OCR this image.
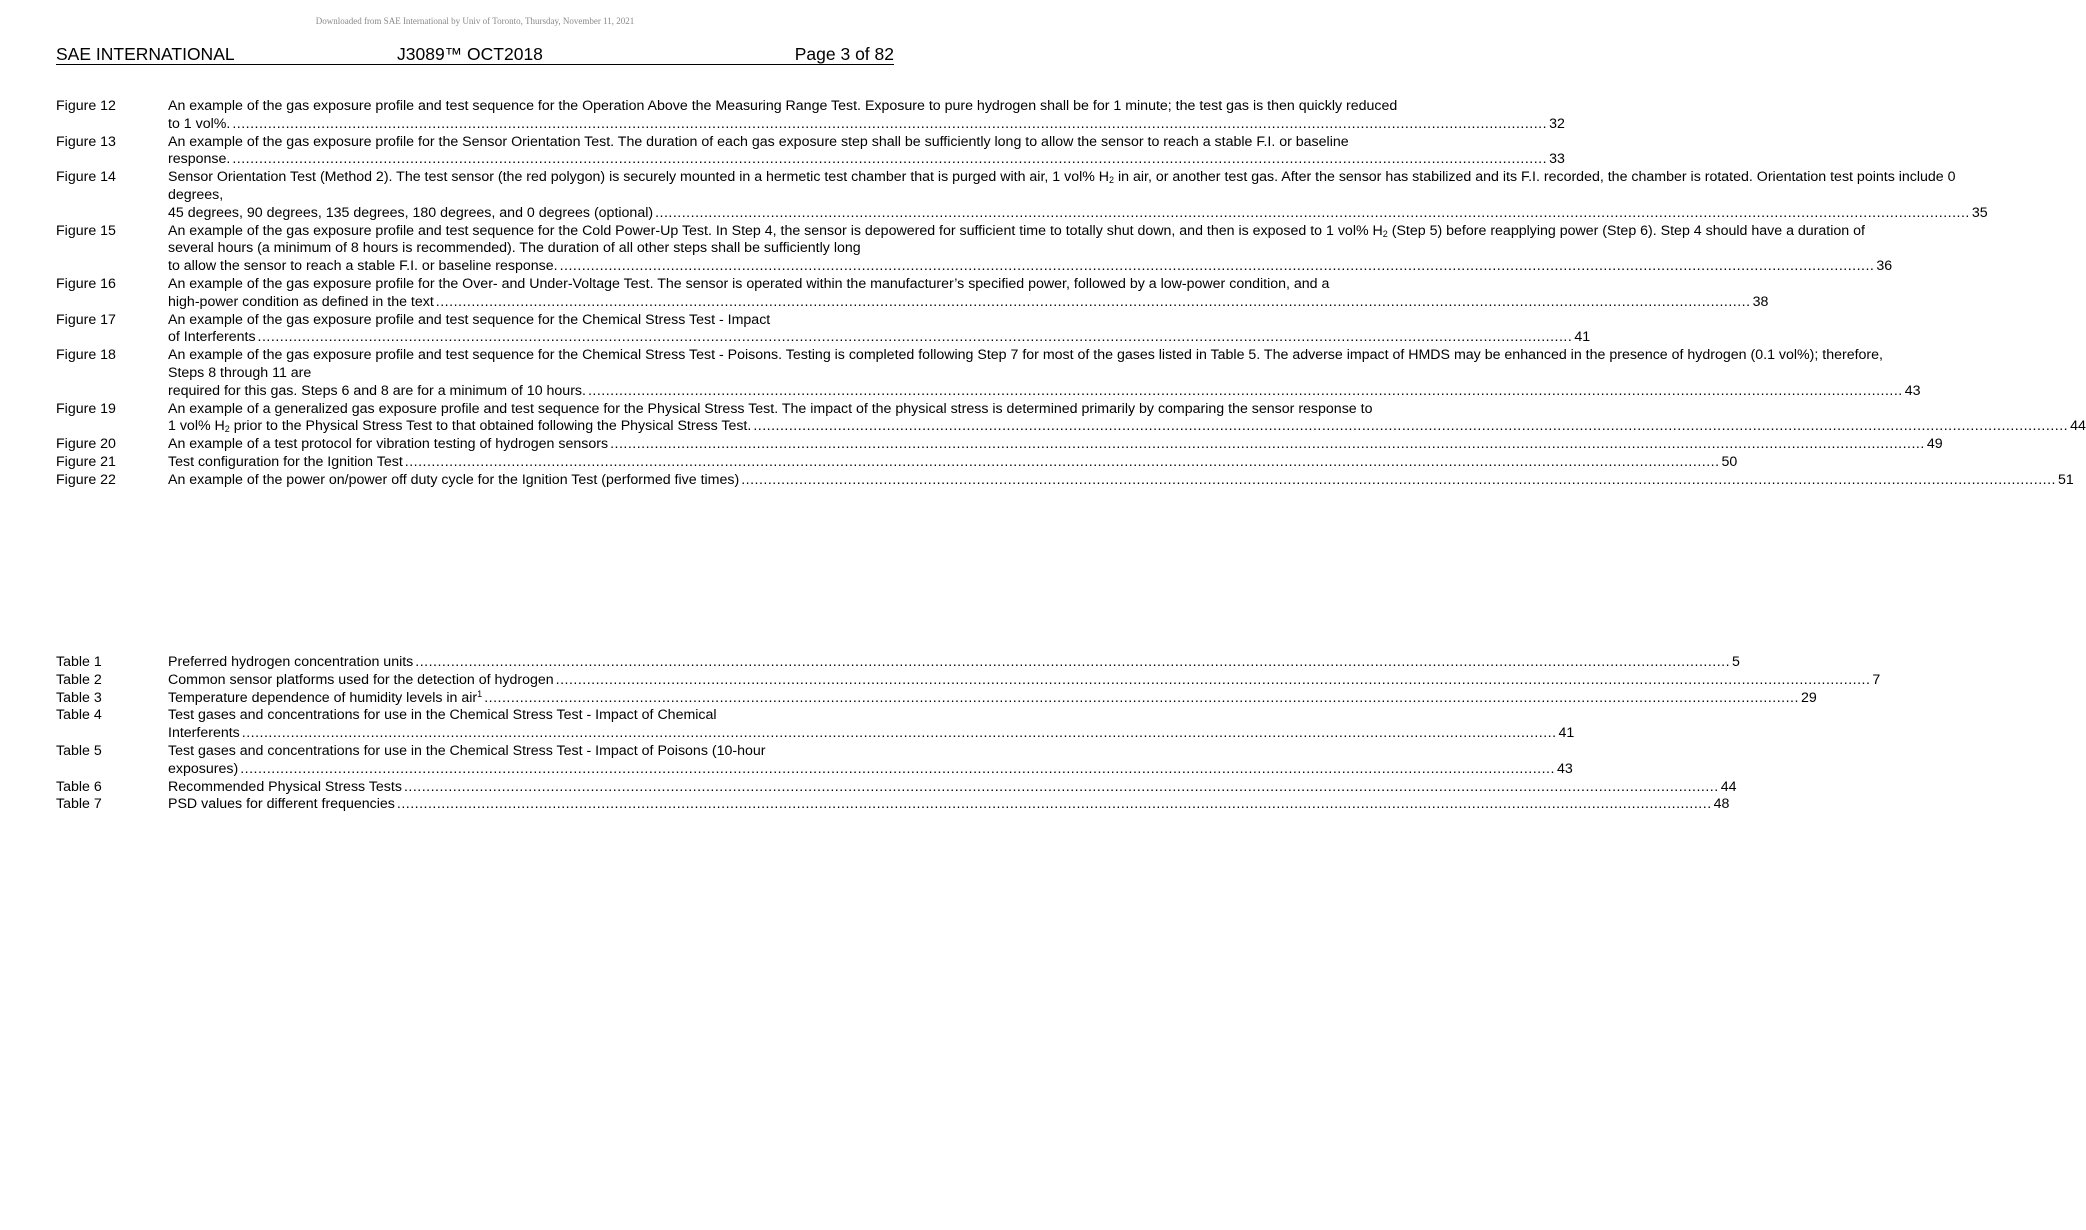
Downloaded from SAE International by Univ of Toronto, Thursday, November 11, 2021
SAE INTERNATIONAL	J3089™ OCT2018	Page 3 of 82
Figure 12	An example of the gas exposure profile and test sequence for the Operation Above the Measuring Range Test. Exposure to pure hydrogen shall be for 1 minute; the test gas is then quickly reduced
to 1 vol%. .....	32
Figure 13	An example of the gas exposure profile for the Sensor Orientation Test. The duration of each gas exposure step shall be sufficiently long to allow the sensor to reach a stable F.I. or baseline
response. .....	33
Figure 14	Sensor Orientation Test (Method 2). The test sensor (the red polygon) is securely mounted in a hermetic test chamber that is purged with air, 1 vol% $H_2$ in air, or another test gas. After the sensor has stabilized and its F.I. recorded, the chamber is rotated. Orientation test points include 0 degrees,
45 degrees, 90 degrees, 135 degrees, 180 degrees, and 0 degrees (optional) .....	35
Figure 15	An example of the gas exposure profile and test sequence for the Cold Power-Up Test. In Step 4, the sensor is depowered for sufficient time to totally shut down, and then is exposed to 1 vol% $H_2$ (Step 5) before reapplying power (Step 6). Step 4 should have a duration of several hours (a minimum of 8 hours is recommended). The duration of all other steps shall be sufficiently long
to allow the sensor to reach a stable F.I. or baseline response. .....	36
Figure 16	An example of the gas exposure profile for the Over- and Under-Voltage Test. The sensor is operated within the manufacturer’s specified power, followed by a low-power condition, and a
high-power condition as defined in the text .....	38
Figure 17	An example of the gas exposure profile and test sequence for the Chemical Stress Test - Impact
of Interferents .....	41
Figure 18	An example of the gas exposure profile and test sequence for the Chemical Stress Test - Poisons. Testing is completed following Step 7 for most of the gases listed in Table 5. The adverse impact of HMDS may be enhanced in the presence of hydrogen (0.1 vol%); therefore, Steps 8 through 11 are
required for this gas. Steps 6 and 8 are for a minimum of 10 hours. .....	43
Figure 19	An example of a generalized gas exposure profile and test sequence for the Physical Stress Test. The impact of the physical stress is determined primarily by comparing the sensor response to
1 vol% $H_2$ prior to the Physical Stress Test to that obtained following the Physical Stress Test. .....	44
Figure 20	An example of a test protocol for vibration testing of hydrogen sensors .....	49
Figure 21	Test configuration for the Ignition Test .....	50
Figure 22	An example of the power on/power off duty cycle for the Ignition Test (performed five times) .....	51
Table 1	Preferred hydrogen concentration units .....	5
Table 2	Common sensor platforms used for the detection of hydrogen .....	7
Table 3	Temperature dependence of humidity levels in air$^1$ .....	29
Table 4	Test gases and concentrations for use in the Chemical Stress Test - Impact of Chemical
Interferents .....	41
Table 5	Test gases and concentrations for use in the Chemical Stress Test - Impact of Poisons (10-hour
exposures) .....	43
Table 6	Recommended Physical Stress Tests .....	44
Table 7	PSD values for different frequencies .....	48
